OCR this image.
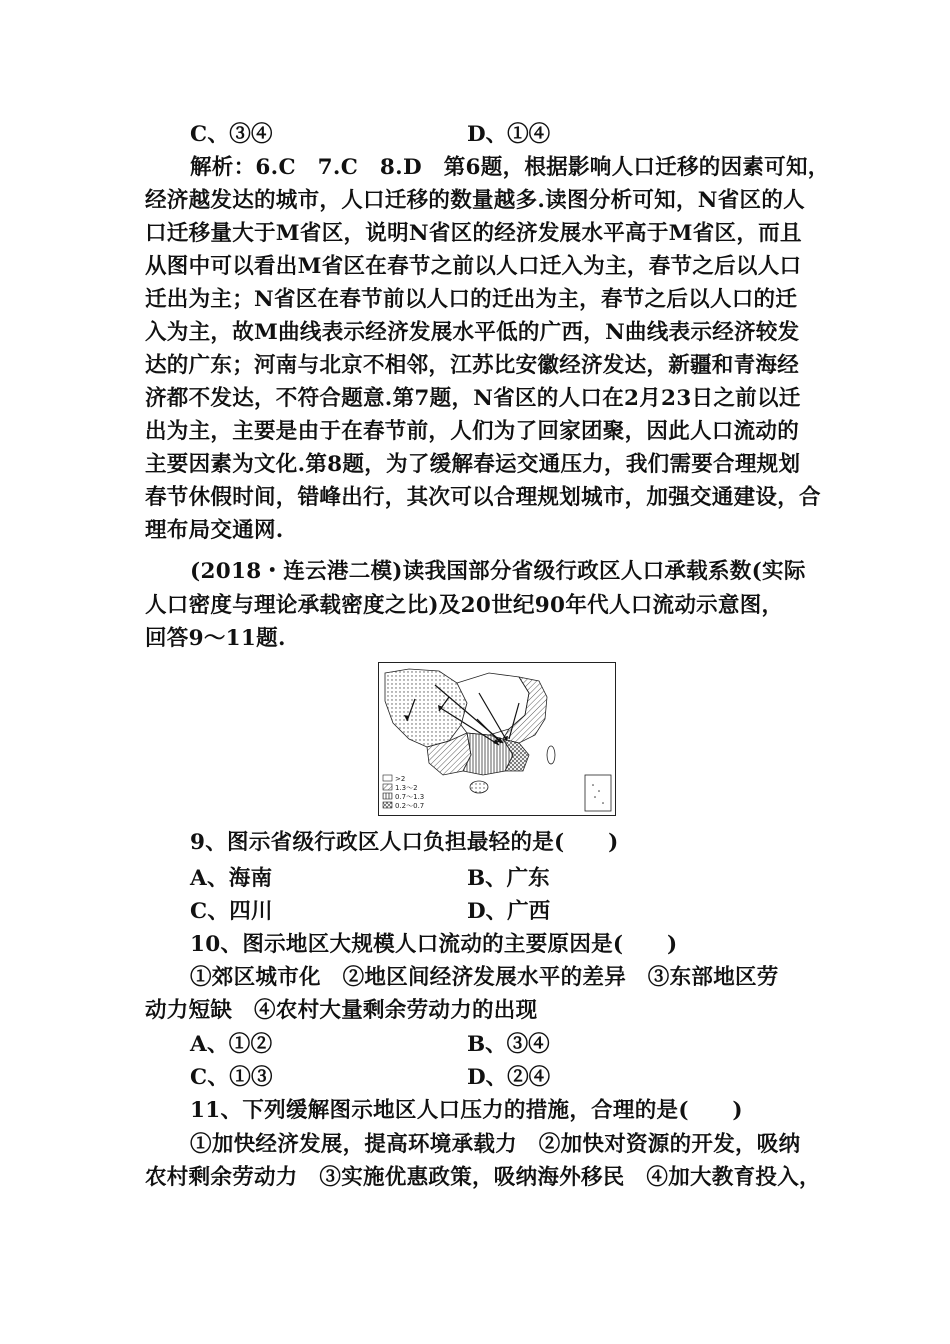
C、③④	D、①④
解析：6.C　7.C　8.D　第6题，根据影响人口迁移的因素可知，
经济越发达的城市，人口迁移的数量越多.读图分析可知，N省区的人
口迁移量大于M省区，说明N省区的经济发展水平高于M省区，而且
从图中可以看出M省区在春节之前以人口迁入为主，春节之后以人口
迁出为主；N省区在春节前以人口的迁出为主，春节之后以人口的迁
入为主，故M曲线表示经济发展水平低的广西，N曲线表示经济较发
达的广东；河南与北京不相邻，江苏比安徽经济发达，新疆和青海经
济都不发达，不符合题意.第7题，N省区的人口在2月23日之前以迁
出为主，主要是由于在春节前，人们为了回家团聚，因此人口流动的
主要因素为文化.第8题，为了缓解春运交通压力，我们需要合理规划
春节休假时间，错峰出行，其次可以合理规划城市，加强交通建设，合
理布局交通网.
(2018・连云港二模)读我国部分省级行政区人口承载系数(实际
人口密度与理论承载密度之比)及20世纪90年代人口流动示意图，
回答9～11题.
>2
1.3～2
0.7～1.3
0.2～0.7
9、图示省级行政区人口负担最轻的是(　　)
A、海南	B、广东
C、四川	D、广西
10、图示地区大规模人口流动的主要原因是(　　)
①郊区城市化　②地区间经济发展水平的差异　③东部地区劳
动力短缺　④农村大量剩余劳动力的出现
A、①②	B、③④
C、①③	D、②④
11、下列缓解图示地区人口压力的措施，合理的是(　　)
①加快经济发展，提高环境承载力　②加快对资源的开发，吸纳
农村剩余劳动力　③实施优惠政策，吸纳海外移民　④加大教育投入，
